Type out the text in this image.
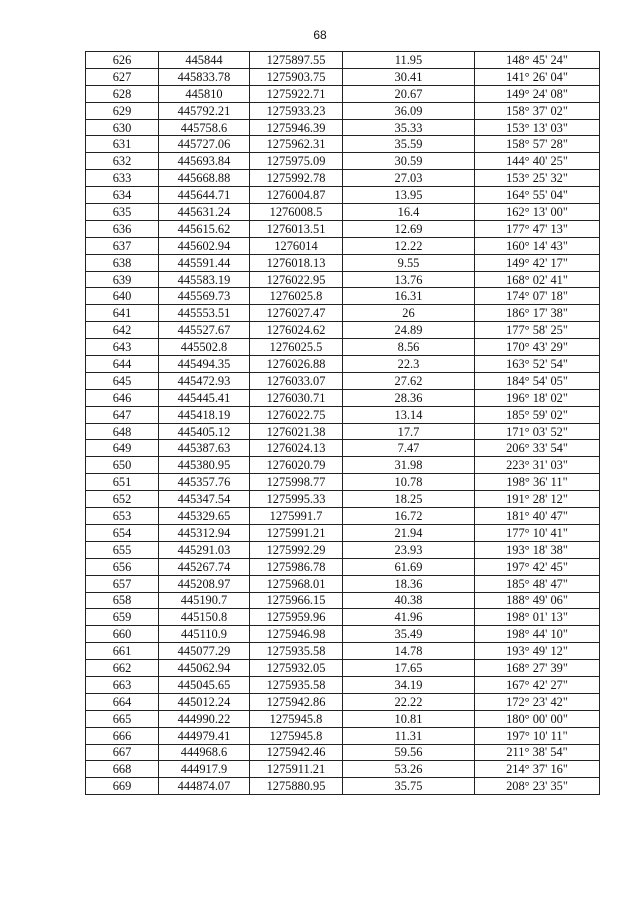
68
626	445844	1275897.55	11.95	148° 45' 24"
627	445833.78	1275903.75	30.41	141° 26' 04"
628	445810	1275922.71	20.67	149° 24' 08"
629	445792.21	1275933.23	36.09	158° 37' 02"
630	445758.6	1275946.39	35.33	153° 13' 03"
631	445727.06	1275962.31	35.59	158° 57' 28"
632	445693.84	1275975.09	30.59	144° 40' 25"
633	445668.88	1275992.78	27.03	153° 25' 32"
634	445644.71	1276004.87	13.95	164° 55' 04"
635	445631.24	1276008.5	16.4	162° 13' 00"
636	445615.62	1276013.51	12.69	177° 47' 13"
637	445602.94	1276014	12.22	160° 14' 43"
638	445591.44	1276018.13	9.55	149° 42' 17"
639	445583.19	1276022.95	13.76	168° 02' 41"
640	445569.73	1276025.8	16.31	174° 07' 18"
641	445553.51	1276027.47	26	186° 17' 38"
642	445527.67	1276024.62	24.89	177° 58' 25"
643	445502.8	1276025.5	8.56	170° 43' 29"
644	445494.35	1276026.88	22.3	163° 52' 54"
645	445472.93	1276033.07	27.62	184° 54' 05"
646	445445.41	1276030.71	28.36	196° 18' 02"
647	445418.19	1276022.75	13.14	185° 59' 02"
648	445405.12	1276021.38	17.7	171° 03' 52"
649	445387.63	1276024.13	7.47	206° 33' 54"
650	445380.95	1276020.79	31.98	223° 31' 03"
651	445357.76	1275998.77	10.78	198° 36' 11"
652	445347.54	1275995.33	18.25	191° 28' 12"
653	445329.65	1275991.7	16.72	181° 40' 47"
654	445312.94	1275991.21	21.94	177° 10' 41"
655	445291.03	1275992.29	23.93	193° 18' 38"
656	445267.74	1275986.78	61.69	197° 42' 45"
657	445208.97	1275968.01	18.36	185° 48' 47"
658	445190.7	1275966.15	40.38	188° 49' 06"
659	445150.8	1275959.96	41.96	198° 01' 13"
660	445110.9	1275946.98	35.49	198° 44' 10"
661	445077.29	1275935.58	14.78	193° 49' 12"
662	445062.94	1275932.05	17.65	168° 27' 39"
663	445045.65	1275935.58	34.19	167° 42' 27"
664	445012.24	1275942.86	22.22	172° 23' 42"
665	444990.22	1275945.8	10.81	180° 00' 00"
666	444979.41	1275945.8	11.31	197° 10' 11"
667	444968.6	1275942.46	59.56	211° 38' 54"
668	444917.9	1275911.21	53.26	214° 37' 16"
669	444874.07	1275880.95	35.75	208° 23' 35"
